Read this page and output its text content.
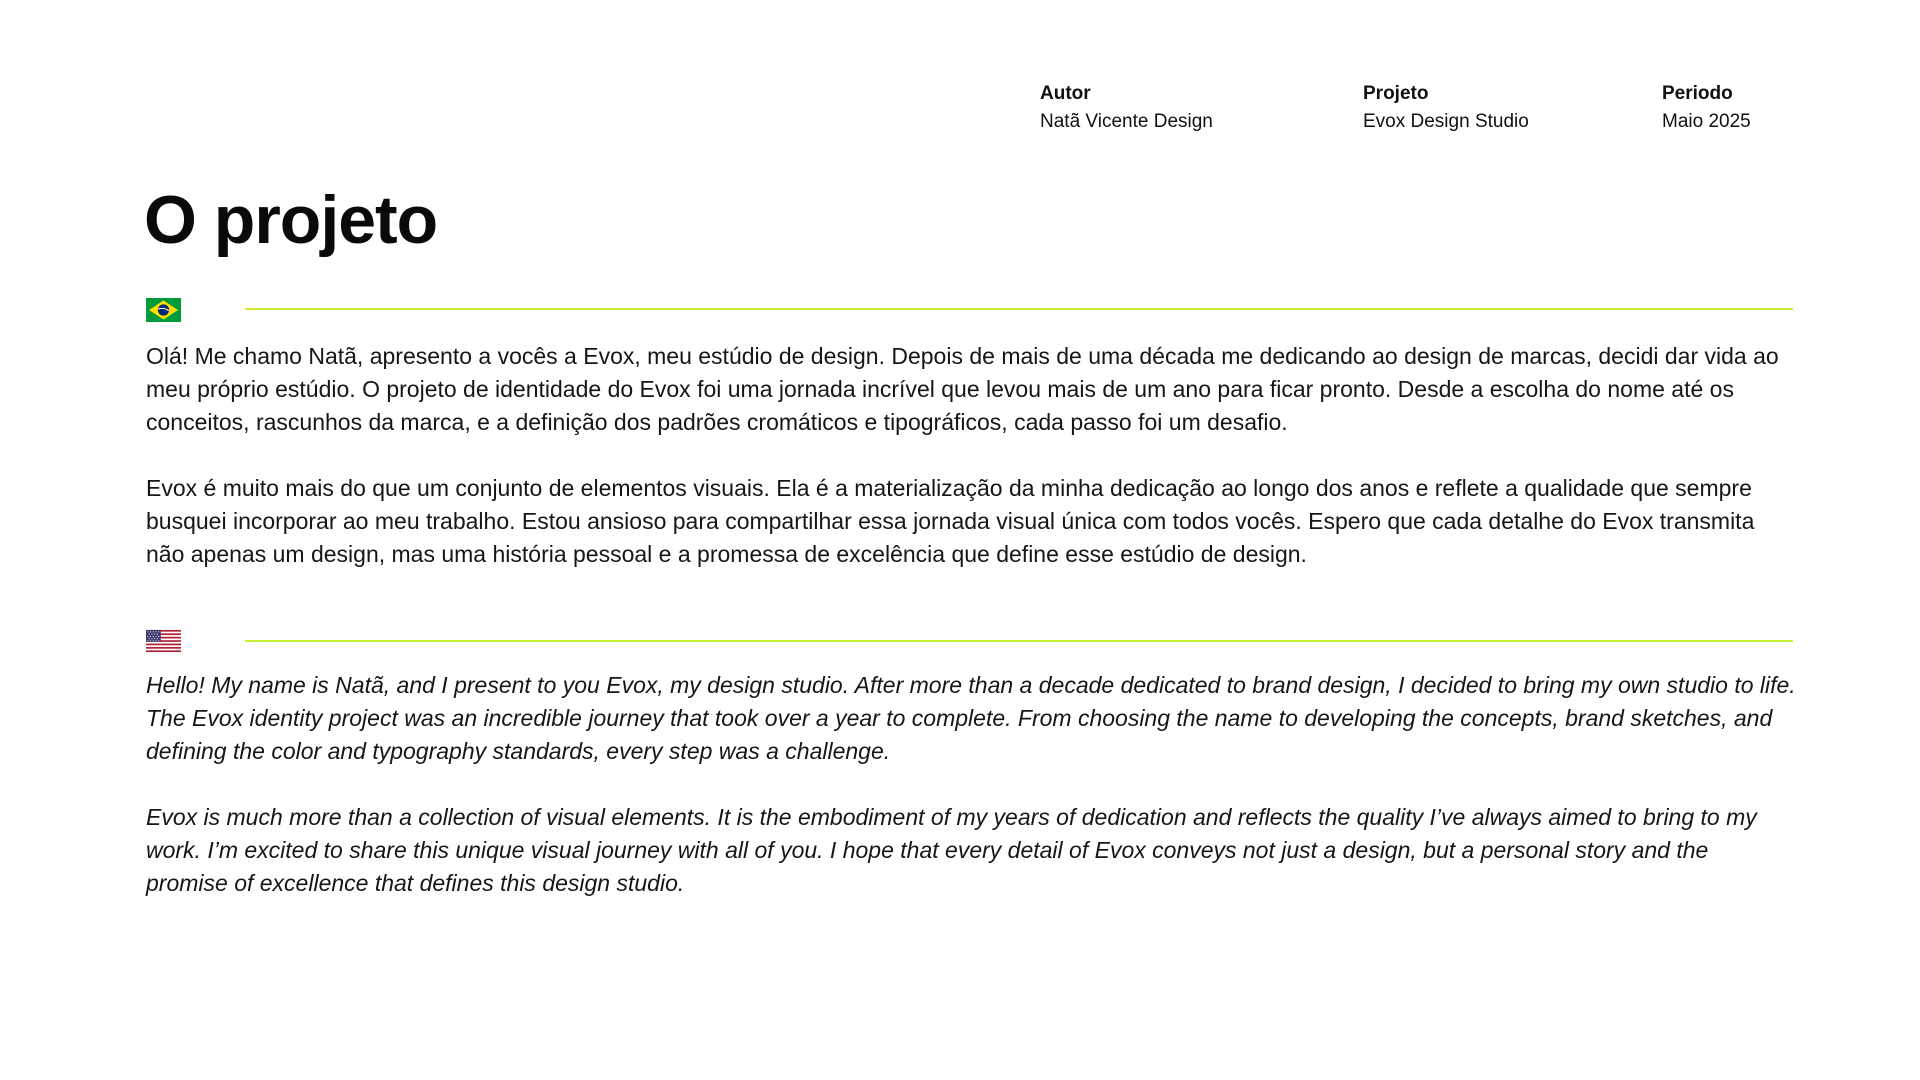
Autor
Natã Vicente Design
Projeto
Evox Design Studio
Periodo
Maio 2025
O projeto

Olá! Me chamo Natã, apresento a vocês a Evox, meu estúdio de design. Depois de mais de uma década me dedicando ao design de marcas, decidi dar vida ao meu próprio estúdio. O projeto de identidade do Evox foi uma jornada incrível que levou mais de um ano para ficar pronto. Desde a escolha do nome até os conceitos, rascunhos da marca, e a definição dos padrões cromáticos e tipográficos, cada passo foi um desafio.

Evox é muito mais do que um conjunto de elementos visuais. Ela é a materialização da minha dedicação ao longo dos anos e reflete a qualidade que sempre busquei incorporar ao meu trabalho. Estou ansioso para compartilhar essa jornada visual única com todos vocês. Espero que cada detalhe do Evox transmita não apenas um design, mas uma história pessoal e a promessa de excelência que define esse estúdio de design.

Hello! My name is Natã, and I present to you Evox, my design studio. After more than a decade dedicated to brand design, I decided to bring my own studio to life. The Evox identity project was an incredible journey that took over a year to complete. From choosing the name to developing the concepts, brand sketches, and defining the color and typography standards, every step was a challenge.

Evox is much more than a collection of visual elements. It is the embodiment of my years of dedication and reflects the quality I’ve always aimed to bring to my work. I’m excited to share this unique visual journey with all of you. I hope that every detail of Evox conveys not just a design, but a personal story and the promise of excellence that defines this design studio.
